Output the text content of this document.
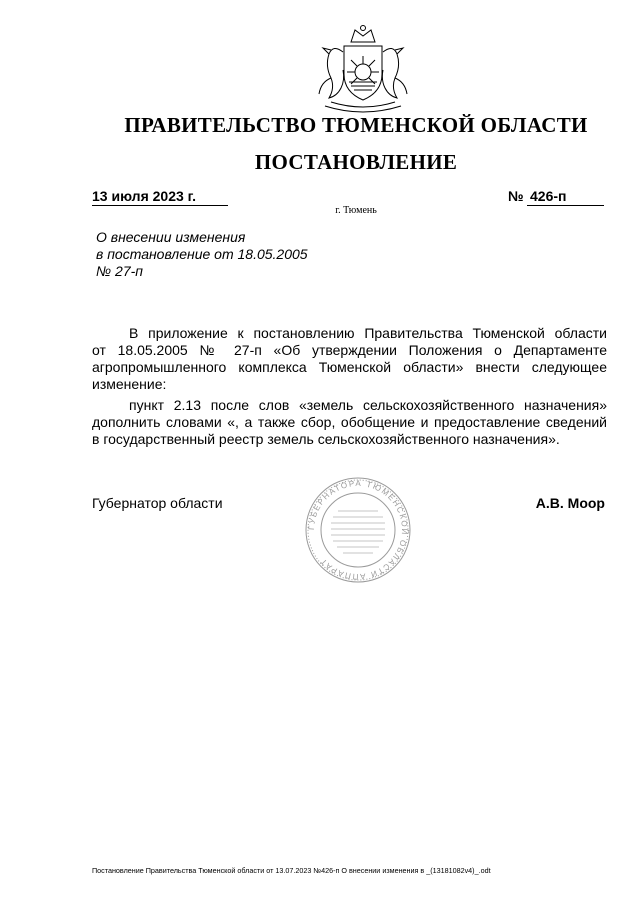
ПРАВИТЕЛЬСТВО ТЮМЕНСКОЙ ОБЛАСТИ
ПОСТАНОВЛЕНИЕ
13 июля 2023 г.	№ 426-п
г. Тюмень
О внесении изменения
в постановление от 18.05.2005
№ 27-п
В приложение к постановлению Правительства Тюменской области
от 18.05.2005 № 27-п «Об утверждении Положения о Департаменте
агропромышленного комплекса Тюменской области» внести следующее
изменение:
пункт 2.13 после слов «земель сельскохозяйственного назначения»
дополнить словами «, а также сбор, обобщение и предоставление сведений
в государственный реестр земель сельскохозяйственного назначения».
Губернатор области	А.В. Моор
ГУБЕРНАТОРА ТЮМЕНСКОЙ ОБЛАСТИ АППАРАТ
Постановление Правительства Тюменской области от 13.07.2023 №426-п О внесении изменения в _(13181082v4)_.odt
